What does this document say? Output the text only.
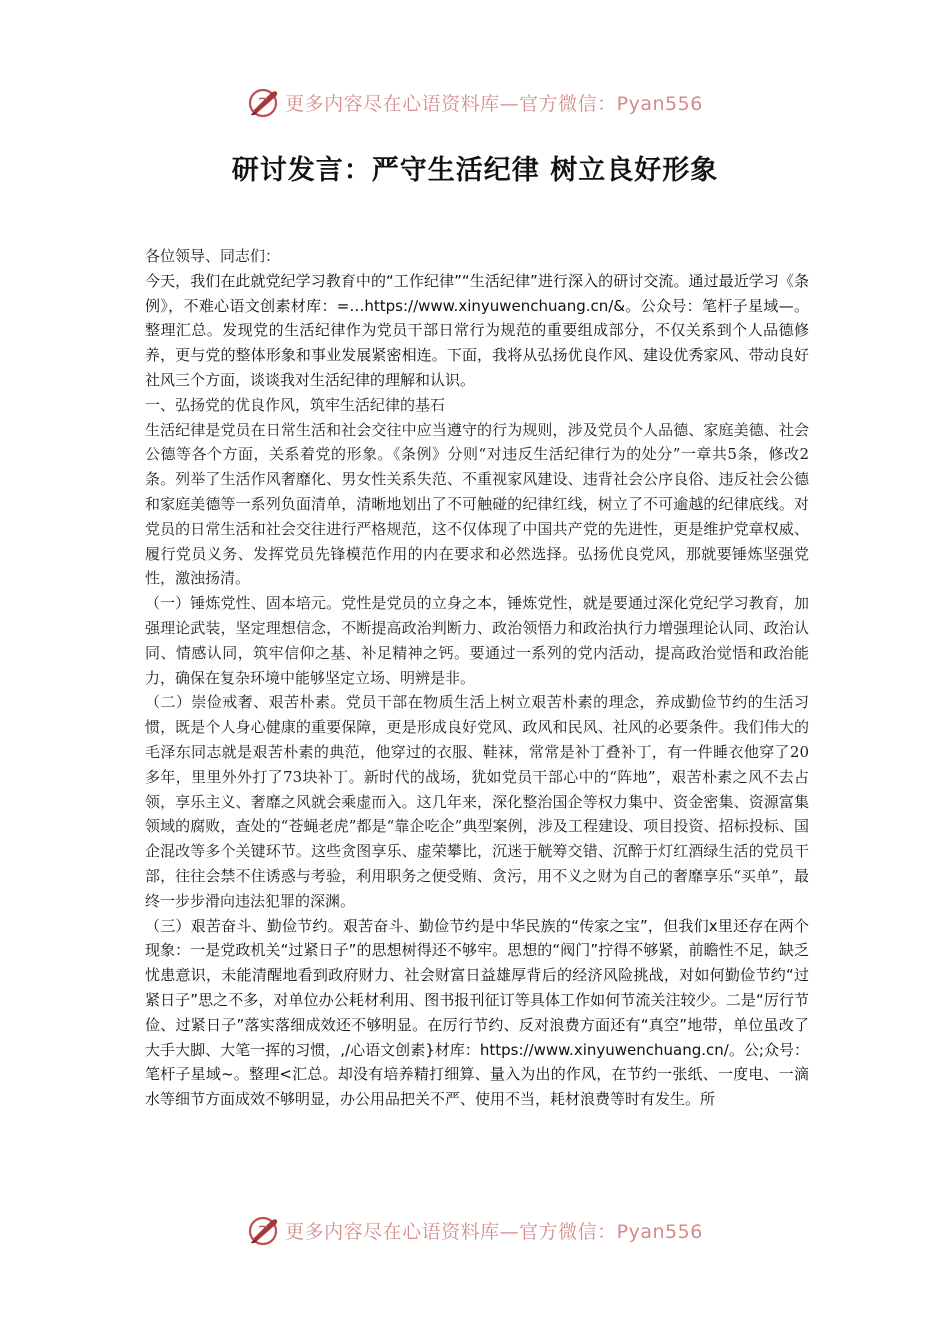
更多内容尽在心语资料库—官方微信：Pyan556
研讨发言：严守生活纪律 树立良好形象

各位领导、同志们：

今天，我们在此就党纪学习教育中的“工作纪律”“生活纪律”进行深入的研讨交流。通过最近学习《条例》，不难心语文创素材库：=…https://www.xinyuwenchuang.cn/&。公众号：笔杆子星域—。整理汇总。发现党的生活纪律作为党员干部日常行为规范的重要组成部分，不仅关系到个人品德修养，更与党的整体形象和事业发展紧密相连。下面，我将从弘扬优良作风、建设优秀家风、带动良好社风三个方面，谈谈我对生活纪律的理解和认识。

一、弘扬党的优良作风，筑牢生活纪律的基石

生活纪律是党员在日常生活和社会交往中应当遵守的行为规则，涉及党员个人品德、家庭美德、社会公德等各个方面，关系着党的形象。《条例》分则“对违反生活纪律行为的处分”一章共5条，修改2条。列举了生活作风奢靡化、男女性关系失范、不重视家风建设、违背社会公序良俗、违反社会公德和家庭美德等一系列负面清单，清晰地划出了不可触碰的纪律红线，树立了不可逾越的纪律底线。对党员的日常生活和社会交往进行严格规范，这不仅体现了中国共产党的先进性，更是维护党章权威、履行党员义务、发挥党员先锋模范作用的内在要求和必然选择。弘扬优良党风，那就要锤炼坚强党性，激浊扬清。

（一）锤炼党性、固本培元。党性是党员的立身之本，锤炼党性，就是要通过深化党纪学习教育，加强理论武装，坚定理想信念，不断提高政治判断力、政治领悟力和政治执行力增强理论认同、政治认同、情感认同，筑牢信仰之基、补足精神之钙。要通过一系列的党内活动，提高政治觉悟和政治能力，确保在复杂环境中能够坚定立场、明辨是非。

（二）崇俭戒奢、艰苦朴素。党员干部在物质生活上树立艰苦朴素的理念，养成勤俭节约的生活习惯，既是个人身心健康的重要保障，更是形成良好党风、政风和民风、社风的必要条件。我们伟大的毛泽东同志就是艰苦朴素的典范，他穿过的衣服、鞋袜，常常是补丁叠补丁，有一件睡衣他穿了20多年，里里外外打了73块补丁。新时代的战场，犹如党员干部心中的“阵地”，艰苦朴素之风不去占领，享乐主义、奢靡之风就会乘虚而入。这几年来，深化整治国企等权力集中、资金密集、资源富集领域的腐败，查处的“苍蝇老虎”都是“靠企吃企”典型案例，涉及工程建设、项目投资、招标投标、国企混改等多个关键环节。这些贪图享乐、虚荣攀比，沉迷于觥筹交错、沉醉于灯红酒绿生活的党员干部，往往会禁不住诱惑与考验，利用职务之便受贿、贪污，用不义之财为自己的奢靡享乐“买单”，最终一步步滑向违法犯罪的深渊。

（三）艰苦奋斗、勤俭节约。艰苦奋斗、勤俭节约是中华民族的“传家之宝”，但我们x里还存在两个现象：一是党政机关“过紧日子”的思想树得还不够牢。思想的“阀门”拧得不够紧，前瞻性不足，缺乏忧患意识，未能清醒地看到政府财力、社会财富日益雄厚背后的经济风险挑战，对如何勤俭节约“过紧日子”思之不多，对单位办公耗材利用、图书报刊征订等具体工作如何节流关注较少。二是“厉行节俭、过紧日子”落实落细成效还不够明显。在厉行节约、反对浪费方面还有“真空”地带，单位虽改了大手大脚、大笔一挥的习惯，,/心语文创素}材库：https://www.xinyuwenchuang.cn/。公;众号：笔杆子星域~。整理<汇总。却没有培养精打细算、量入为出的作风，在节约一张纸、一度电、一滴水等细节方面成效不够明显，办公用品把关不严、使用不当，耗材浪费等时有发生。所

更多内容尽在心语资料库—官方微信：Pyan556
